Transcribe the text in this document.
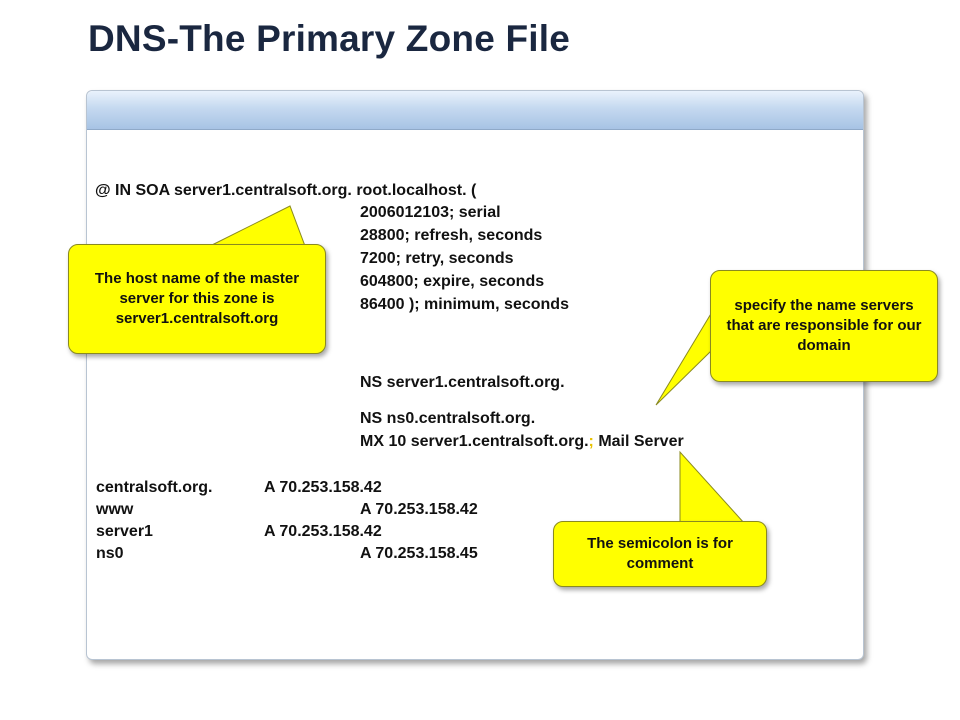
DNS-The Primary Zone File
@ IN SOA server1.centralsoft.org. root.localhost. (
2006012103; serial
28800; refresh, seconds
7200; retry, seconds
604800; expire, seconds
86400 ); minimum, seconds
NS server1.centralsoft.org.
NS ns0.centralsoft.org.
MX 10 server1.centralsoft.org.; Mail Server
centralsoft.org.	A 70.253.158.42
www	A 70.253.158.42
server1	A 70.253.158.42
ns0	A 70.253.158.45
The host name of the master server for this zone is server1.centralsoft.org
specify the name servers that are responsible for our domain
The semicolon is for comment
